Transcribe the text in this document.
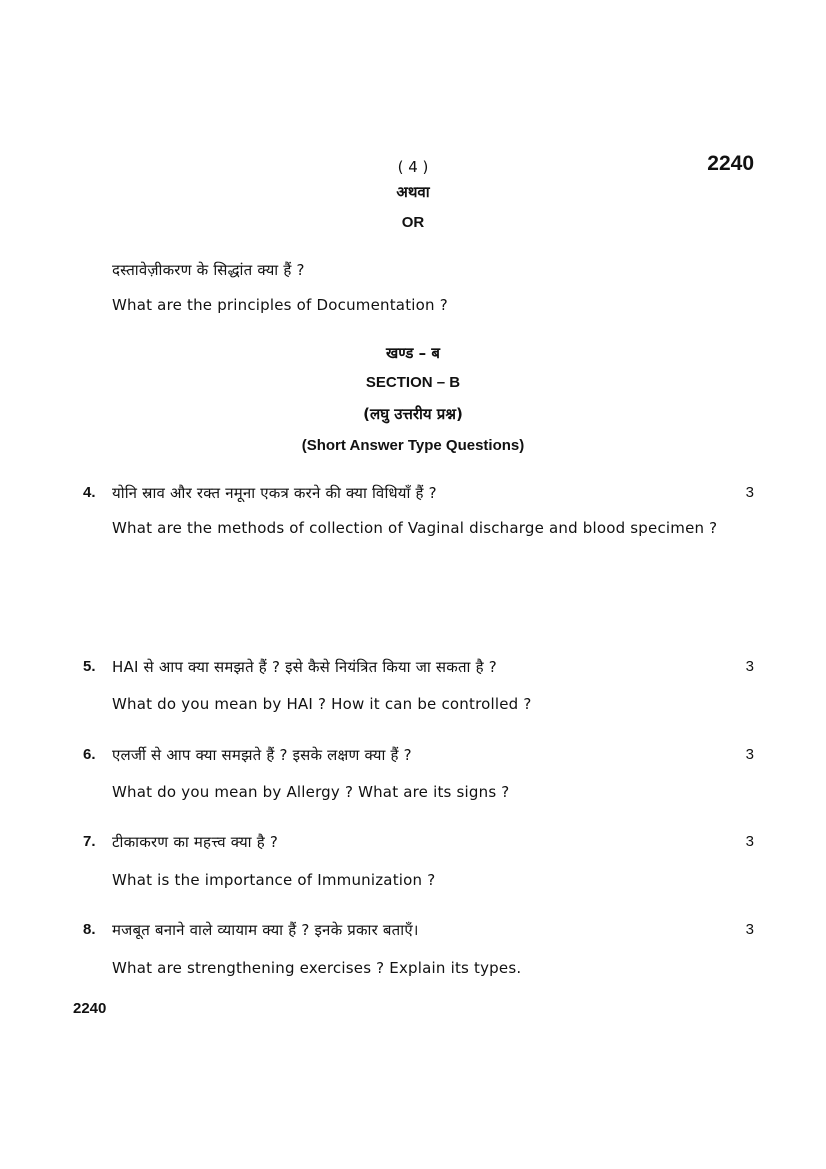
( 4 )	2240
अथवा
OR
दस्तावेज़ीकरण के सिद्धांत क्या हैं ?
What are the principles of Documentation ?
खण्ड – ब
SECTION – B
(लघु उत्तरीय प्रश्न)
(Short Answer Type Questions)
4. योनि स्राव और रक्त नमूना एकत्र करने की क्या विधियाँ हैं ?	3
What are the methods of collection of Vaginal discharge and blood specimen ?
5. HAI से आप क्या समझते हैं ? इसे कैसे नियंत्रित किया जा सकता है ?	3
What do you mean by HAI ? How it can be controlled ?
6. एलर्जी से आप क्या समझते हैं ? इसके लक्षण क्या हैं ?	3
What do you mean by Allergy ? What are its signs ?
7. टीकाकरण का महत्त्व क्या है ?	3
What is the importance of Immunization ?
8. मजबूत बनाने वाले व्यायाम क्या हैं ? इनके प्रकार बताएँ।	3
What are strengthening exercises ? Explain its types.
2240
